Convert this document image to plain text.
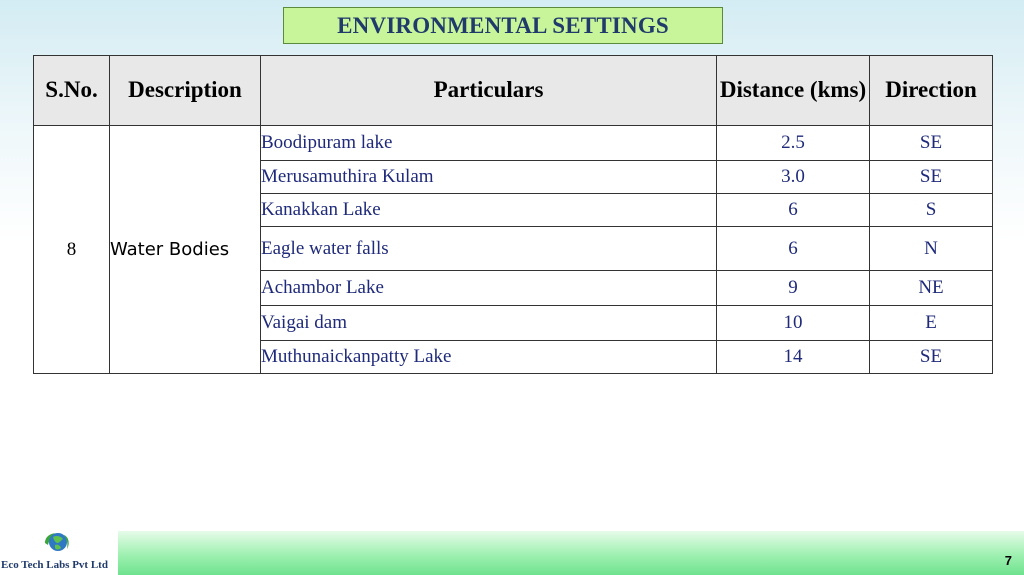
ENVIRONMENTAL SETTINGS
S.No.	Description	Particulars	Distance (kms)	Direction
8	Water Bodies	Boodipuram lake	2.5	SE
		Merusamuthira Kulam	3.0	SE
		Kanakkan Lake	6	S
		Eagle water falls	6	N
		Achambor Lake	9	NE
		Vaigai dam	10	E
		Muthunaickanpatty Lake	14	SE
Eco Tech Labs Pvt Ltd	7
